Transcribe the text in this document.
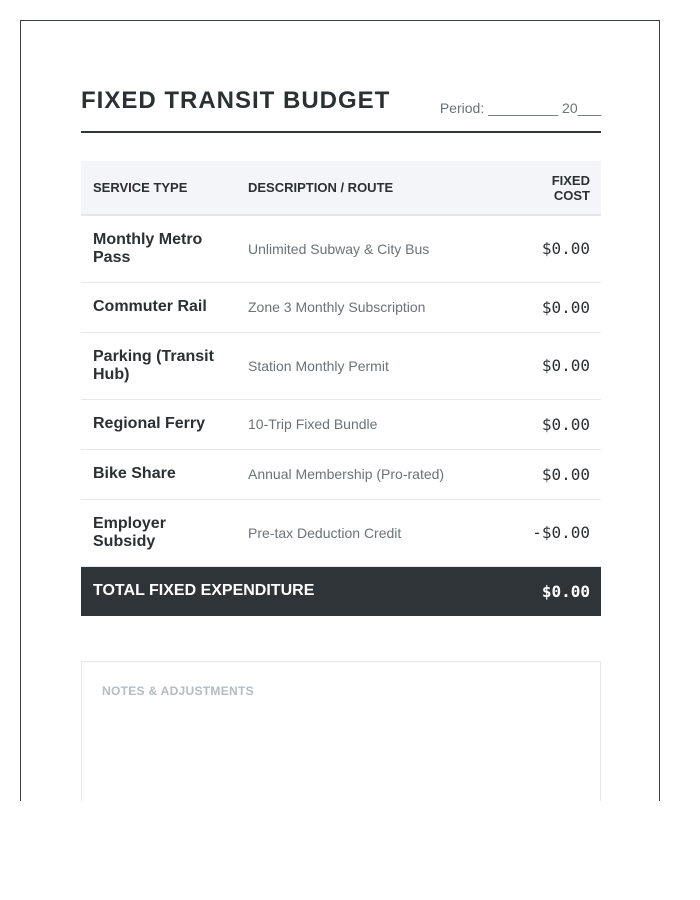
FIXED TRANSIT BUDGET	Period: _________ 20___
SERVICE TYPE	DESCRIPTION / ROUTE	FIXED
COST
Monthly Metro Pass	Unlimited Subway & City Bus	$0.00
Commuter Rail	Zone 3 Monthly Subscription	$0.00
Parking (Transit Hub)	Station Monthly Permit	$0.00
Regional Ferry	10-Trip Fixed Bundle	$0.00
Bike Share	Annual Membership (Pro-rated)	$0.00
Employer Subsidy	Pre-tax Deduction Credit	-$0.00
TOTAL FIXED EXPENDITURE		$0.00
NOTES & ADJUSTMENTS
